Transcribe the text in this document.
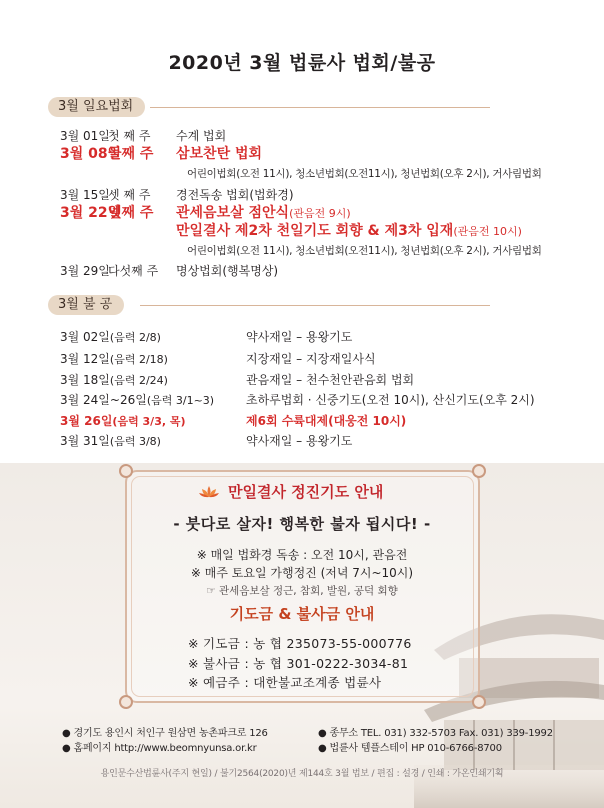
2020년 3월 법륜사 법회/불공
3월 일요법회
3월 01일첫 째 주 수계 법회
3월 08일둘째 주 삼보찬탄 법회
어린이법회(오전 11시), 청소년법회(오전11시), 청년법회(오후 2시), 거사림법회
3월 15일셋 째 주 경전독송 법회(법화경)
3월 22일넷째 주 관세음보살 점안식(관음전 9시)
만일결사 제2차 천일기도 회향 & 제3차 입재(관음전 10시)
어린이법회(오전 11시), 청소년법회(오전11시), 청년법회(오후 2시), 거사림법회
3월 29일다섯째 주 명상법회(행복명상)
3월 불 공
3월 02일(음력 2/8)	약사재일 – 용왕기도
3월 12일(음력 2/18)	지장재일 – 지장재일사식
3월 18일(음력 2/24)	관음재일 – 천수천안관음회 법회
3월 24일~26일(음력 3/1~3)	초하루법회 · 신중기도(오전 10시), 산신기도(오후 2시)
3월 26일(음력 3/3, 목)	제6회 수륙대제(대웅전 10시)
3월 31일(음력 3/8)	약사재일 – 용왕기도
만일결사 정진기도 안내
- 붓다로 살자! 행복한 불자 됩시다! -
※ 매일 법화경 독송 : 오전 10시, 관음전
※ 매주 토요일 가행정진 (저녁 7시~10시)
☞ 관세음보살 정근, 참회, 발원, 공덕 회향
기도금 & 불사금 안내
※ 기도금 : 농 협 235073-55-000776
※ 불사금 : 농 협 301-0222-3034-81
※ 예금주 : 대한불교조계종 법륜사
● 경기도 용인시 처인구 원삼면 농촌파크로 126
● 홈페이지 http://www.beomnyunsa.or.kr
● 종무소 TEL. 031) 332-5703 Fax. 031) 339-1992
● 법륜사 템플스테이 HP 010-6766-8700
용인문수산법륜사(주지 현일) / 불기2564(2020)년 제144호 3월 법보 / 편집 : 설경 / 인쇄 : 가온인쇄기획
